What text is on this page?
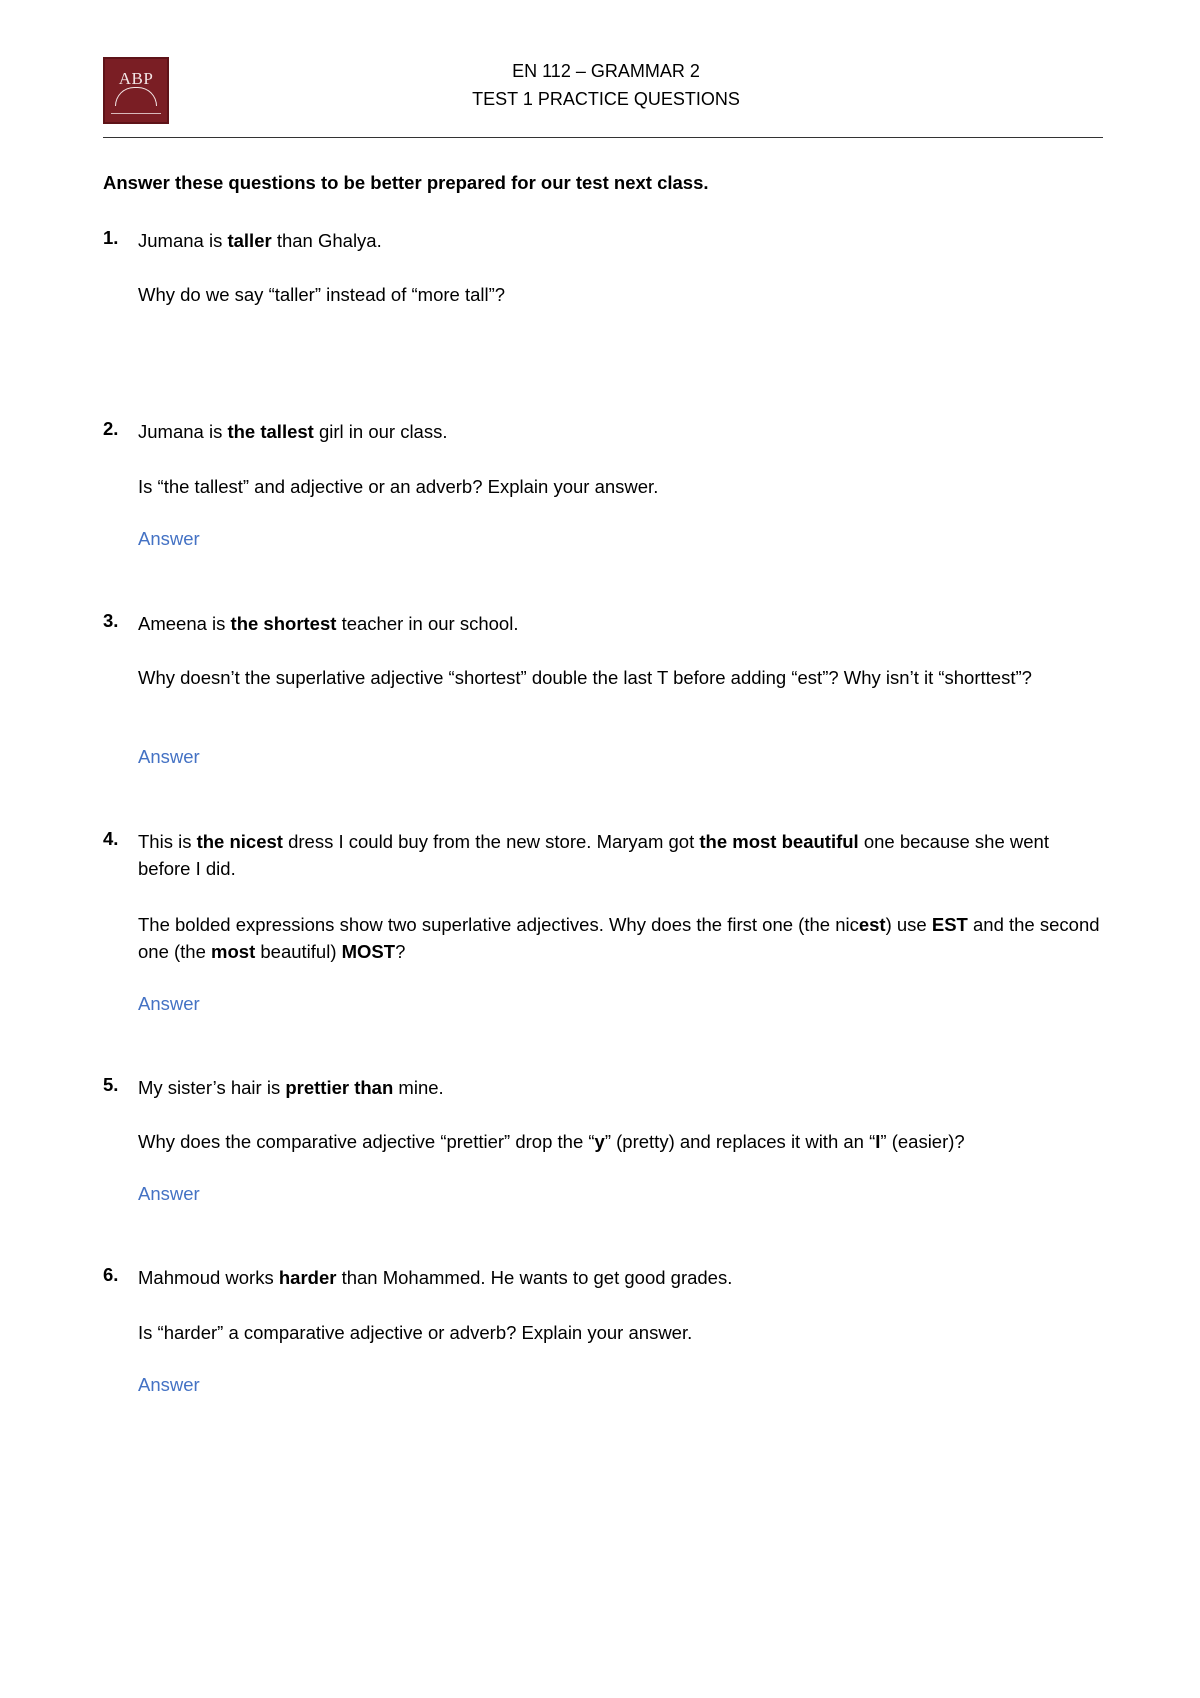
ABP	EN 112 – GRAMMAR 2
TEST 1 PRACTICE QUESTIONS
Answer these questions to be better prepared for our test next class.
1. Jumana is taller than Ghalya.
Why do we say “taller” instead of “more tall”?
2. Jumana is the tallest girl in our class.
Is “the tallest” and adjective or an adverb? Explain your answer.
Answer
3. Ameena is the shortest teacher in our school.
Why doesn’t the superlative adjective “shortest” double the last T before adding “est”? Why isn’t it “shorttest”?
Answer
4. This is the nicest dress I could buy from the new store. Maryam got the most beautiful one because she went before I did.
The bolded expressions show two superlative adjectives. Why does the first one (the nicest) use EST and the second one (the most beautiful) MOST?
Answer
5. My sister’s hair is prettier than mine.
Why does the comparative adjective “prettier” drop the “y” (pretty) and replaces it with an “I” (easier)?
Answer
6. Mahmoud works harder than Mohammed. He wants to get good grades.
Is “harder” a comparative adjective or adverb? Explain your answer.
Answer
